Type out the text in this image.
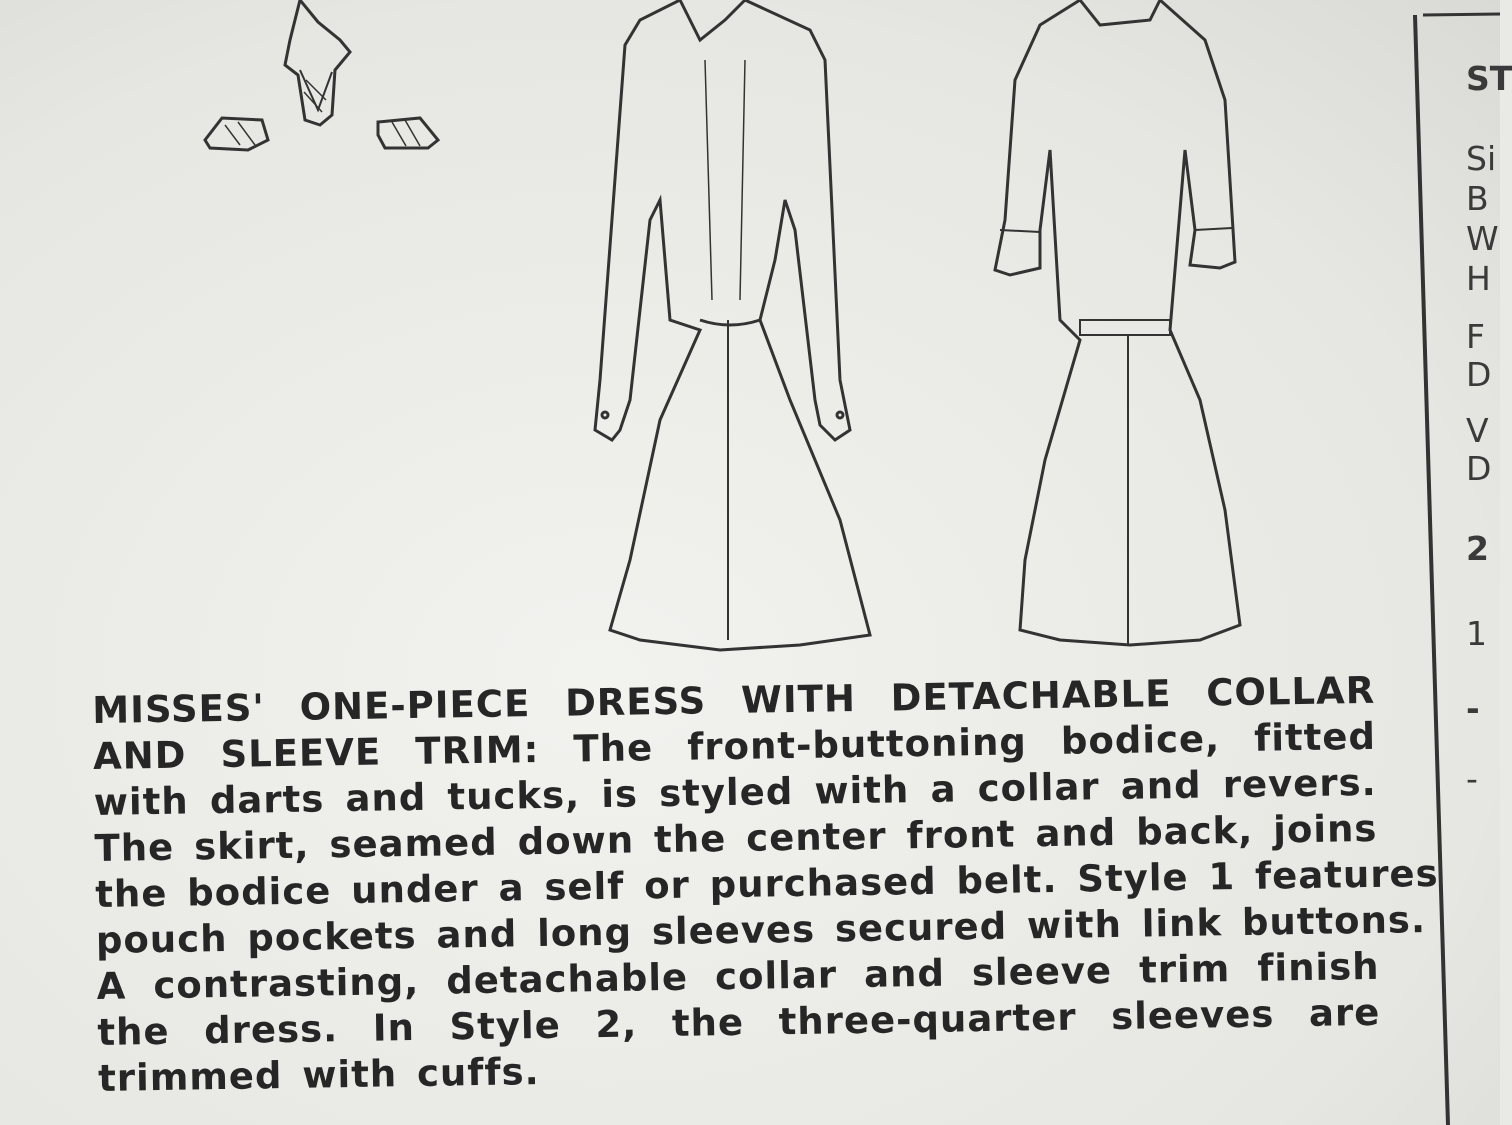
MISSES' ONE-PIECE DRESS WITH DETACHABLE COLLAR
AND SLEEVE TRIM: The front-buttoning bodice, fitted
with darts and tucks, is styled with a collar and revers.
The skirt, seamed down the center front and back, joins
the bodice under a self or purchased belt. Style 1 features
pouch pockets and long sleeves secured with link buttons.
A contrasting, detachable collar and sleeve trim finish
the dress. In Style 2, the three-quarter sleeves are
trimmed with cuffs.
ST
Si
B
W
H
F
D
V
D
2
1
-
-
